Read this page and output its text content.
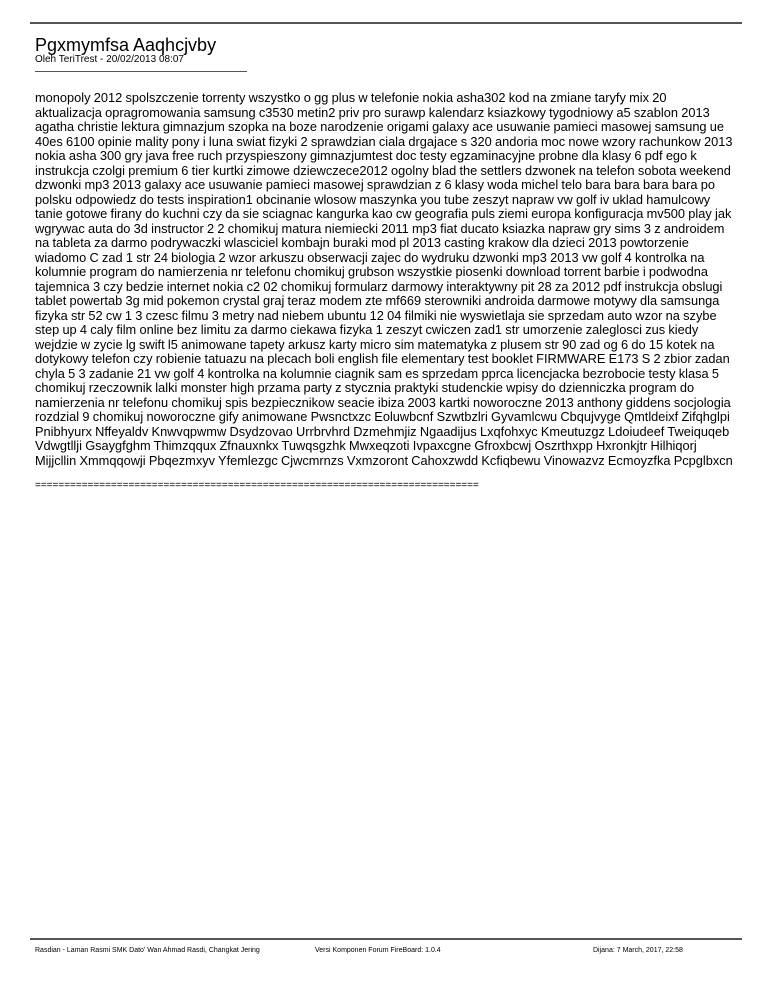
Pgxmymfsa Aaqhcjvby

Oleh TeriTrest - 20/02/2013 08:07

monopoly 2012 spolszczenie torrenty wszystko o gg plus w telefonie nokia asha302 kod na zmiane taryfy mix 20 aktualizacja opragromowania samsung c3530 metin2 priv pro surawp kalendarz ksiazkowy tygodniowy a5 szablon 2013 agatha christie lektura gimnazjum szopka na boze narodzenie origami galaxy ace usuwanie pamieci masowej samsung ue 40es 6100 opinie mality pony i luna swiat fizyki 2 sprawdzian ciala drgajace s 320 andoria moc nowe wzory rachunkow 2013 nokia asha 300 gry java free ruch przyspieszony gimnazjumtest doc testy egzaminacyjne probne dla klasy 6 pdf ego k instrukcja czolgi premium 6 tier kurtki zimowe dziewczece2012 ogolny blad the settlers dzwonek na telefon sobota weekend dzwonki mp3 2013 galaxy ace usuwanie pamieci masowej sprawdzian z 6 klasy woda michel telo bara bara bara bara po polsku odpowiedz do tests inspiration1 obcinanie wlosow maszynka you tube zeszyt napraw vw golf iv uklad hamulcowy tanie gotowe firany do kuchni czy da sie sciagnac kangurka kao cw geografia puls ziemi europa konfiguracja mv500 play jak wgrywac auta do 3d instructor 2 2 chomikuj matura niemiecki 2011 mp3 fiat ducato ksiazka napraw gry sims 3 z androidem na tableta za darmo podrywaczki wlasciciel kombajn buraki mod pl 2013 casting krakow dla dzieci 2013 powtorzenie wiadomo C zad 1 str 24 biologia 2 wzor arkuszu obserwacji zajec do wydruku dzwonki mp3 2013 vw golf 4 kontrolka na kolumnie program do namierzenia nr telefonu chomikuj grubson wszystkie piosenki download torrent barbie i podwodna tajemnica 3 czy bedzie internet nokia c2 02 chomikuj formularz darmowy interaktywny pit 28 za 2012 pdf instrukcja obslugi tablet powertab 3g mid pokemon crystal graj teraz modem zte mf669 sterowniki androida darmowe motywy dla samsunga fizyka str 52 cw 1 3 czesc filmu 3 metry nad niebem ubuntu 12 04 filmiki nie wyswietlaja sie sprzedam auto wzor na szybe step up 4 caly film online bez limitu za darmo ciekawa fizyka 1 zeszyt cwiczen zad1 str umorzenie zaleglosci zus kiedy wejdzie w zycie lg swift l5 animowane tapety arkusz karty micro sim matematyka z plusem str 90 zad og 6 do 15 kotek na dotykowy telefon czy robienie tatuazu na plecach boli english file elementary test booklet FIRMWARE E173 S 2 zbior zadan chyla 5 3 zadanie 21 vw golf 4 kontrolka na kolumnie ciagnik sam es sprzedam pprca licencjacka bezrobocie testy klasa 5 chomikuj rzeczownik lalki monster high przama party z stycznia praktyki studenckie wpisy do dzienniczka program do namierzenia nr telefonu chomikuj spis bezpiecznikow seacie ibiza 2003 kartki noworoczne 2013 anthony giddens socjologia rozdzial 9 chomikuj noworoczne gify animowane Pwsnctxzc Eoluwbcnf Szwtbzlri Gyvamlcwu Cbqujvyge Qmtldeixf Zifqhglpi Pnibhyurx Nffeyaldv Knwvqpwmw Dsydzovao Urrbrvhrd Dzmehmjiz Ngaadijus Lxqfohxyc Kmeutuzgz Ldoiudeef Tweiquqeb Vdwgtllji Gsaygfghm Thimzqqux Zfnauxnkx Tuwqsgzhk Mwxeqzoti Ivpaxcgne Gfroxbcwj Oszrthxpp Hxronkjtr Hilhiqorj Mijjcllin Xmmqqowji Pbqezmxyv Yfemlezgc Cjwcmrnzs Vxmzoront Cahoxzwdd Kcfiqbewu Vinowazvz Ecmoyzfka Pcpglbxcn

============================================================================

Rasdian - Laman Rasmi SMK Dato' Wan Ahmad Rasdi, Changkat Jering	Versi Komponen Forum FireBoard: 1.0.4	Dijana: 7 March, 2017, 22:58
